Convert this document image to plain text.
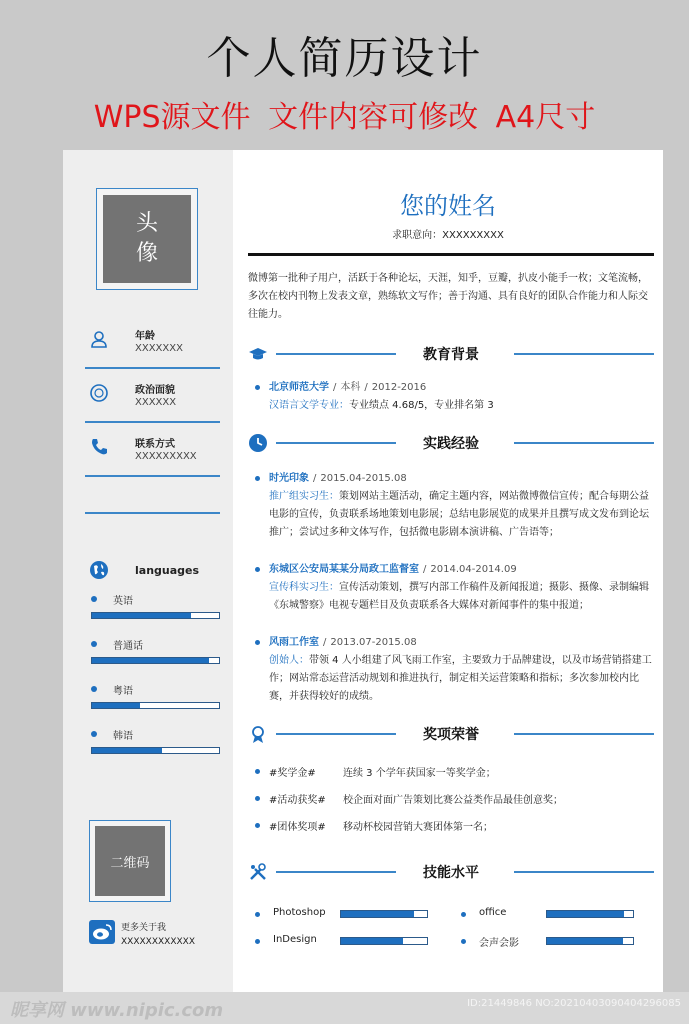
个人简历设计
WPS源文件 文件内容可修改 A4尺寸
头
像
年龄
XXXXXXX
政治面貌
XXXXXX
联系方式
XXXXXXXXX
languages
英语
普通话
粤语
韩语
二维码
更多关于我
XXXXXXXXXXXX
您的姓名
求职意向：XXXXXXXXX
微博第一批种子用户，活跃于各种论坛，天涯，知乎，豆瓣，扒皮小能手一枚；文笔流畅，多次在校内刊物上发表文章，熟练软文写作；善于沟通、具有良好的团队合作能力和人际交往能力。
教育背景
北京师范大学 / 本科 / 2012-2016
汉语言文学专业：专业绩点 4.68/5，专业排名第 3
实践经验
时光印象 / 2015.04-2015.08
推广组实习生：策划网站主题活动，确定主题内容，网站微博微信宣传；配合每期公益电影的宣传，负责联系场地策划电影展；总结电影展览的成果并且撰写成文发布到论坛推广；尝试过多种文体写作，包括微电影剧本演讲稿、广告语等；
东城区公安局某某分局政工监督室 / 2014.04-2014.09
宣传科实习生：宣传活动策划，撰写内部工作稿件及新闻报道；摄影、摄像、录制编辑《东城警察》电视专题栏目及负责联系各大媒体对新闻事件的集中报道；
风雨工作室 / 2013.07-2015.08
创始人：带领 4 人小组建了风飞雨工作室，主要致力于品牌建设，以及市场营销搭建工作；网站常态运营活动规划和推进执行，制定相关运营策略和指标；多次参加校内比赛，并获得较好的成绩。
奖项荣誉
#奖学金#	连续 3 个学年获国家一等奖学金；
#活动获奖# 校企面对面广告策划比赛公益类作品最佳创意奖；
#团体奖项# 移动杯校园营销大赛团体第一名；
技能水平
Photoshop	office
InDesign	会声会影
昵享网 www.nipic.com	ID:21449846 NO:20210403090404296085
